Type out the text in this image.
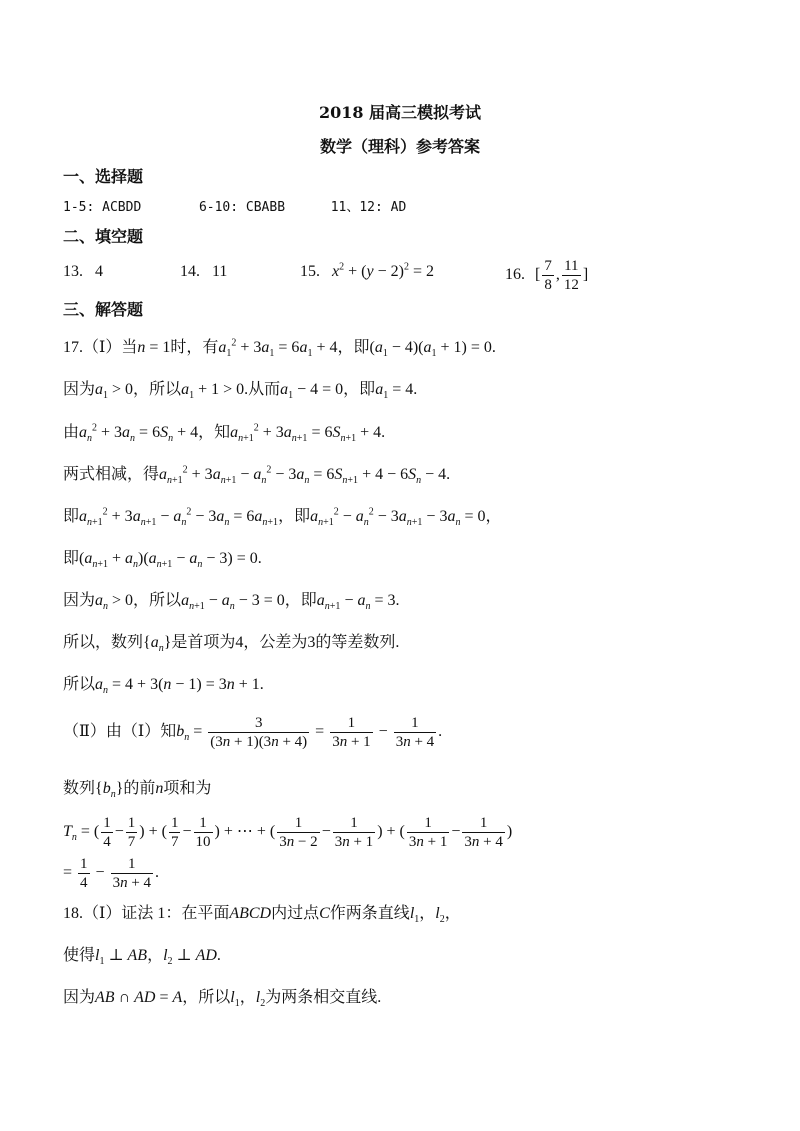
2018 届高三模拟考试
数学（理科）参考答案
一、选择题
1-5: ACBDD	6-10: CBABB	11、12: AD
二、填空题
13. 4	14. 11	15. $x^2 + (y - 2)^2 = 2$	16. [ $\frac{7}{8}$ , $\frac{11}{12}$ ]
三、解答题
17.（Ⅰ）当n = 1时，有$a_1^2 + 3a_1 = 6a_1 + 4$，即$(a_1 - 4)(a_1 + 1) = 0$.
因为$a_1 > 0$，所以$a_1 + 1 > 0$.从而$a_1 - 4 = 0$，即$a_1 = 4$.
由$a_n^2 + 3a_n = 6S_n + 4$，知$a_{n+1}^2 + 3a_{n+1} = 6S_{n+1} + 4$.
两式相减，得$a_{n+1}^2 + 3a_{n+1} - a_n^2 - 3a_n = 6S_{n+1} + 4 - 6S_n - 4$.
即$a_{n+1}^2 + 3a_{n+1} - a_n^2 - 3a_n = 6a_{n+1}$，即$a_{n+1}^2 - a_n^2 - 3a_{n+1} - 3a_n = 0$，
即$(a_{n+1} + a_n)(a_{n+1} - a_n - 3) = 0$.
因为$a_n > 0$，所以$a_{n+1} - a_n - 3 = 0$，即$a_{n+1} - a_n = 3$.
所以，数列$\{a_n\}$是首项为4，公差为3的等差数列.
所以$a_n = 4 + 3(n - 1) = 3n + 1$.
（Ⅱ）由（Ⅰ）知$b_n = \frac{3}{(3n + 1)(3n + 4)} = \frac{1}{3n + 1} - \frac{1}{3n + 4}$ .
数列$\{b_n\}$的前n项和为
$T_n$ = ( $\frac{1}{4} - \frac{1}{7}$ ) + ( $\frac{1}{7} - \frac{1}{10}$ ) + ⋯ + ( $\frac{1}{3n - 2} - \frac{1}{3n + 1}$ ) + ( $\frac{1}{3n + 1} - \frac{1}{3n + 4}$ )
= $\frac{1}{4} - \frac{1}{3n + 4}$ .
18.（Ⅰ）证法 1：在平面ABCD内过点C作两条直线$l_1$，$l_2$，
使得$l_1$ ⊥ AB，$l_2$ ⊥ AD.
因为AB ∩ AD = A，所以$l_1$，$l_2$为两条相交直线.
